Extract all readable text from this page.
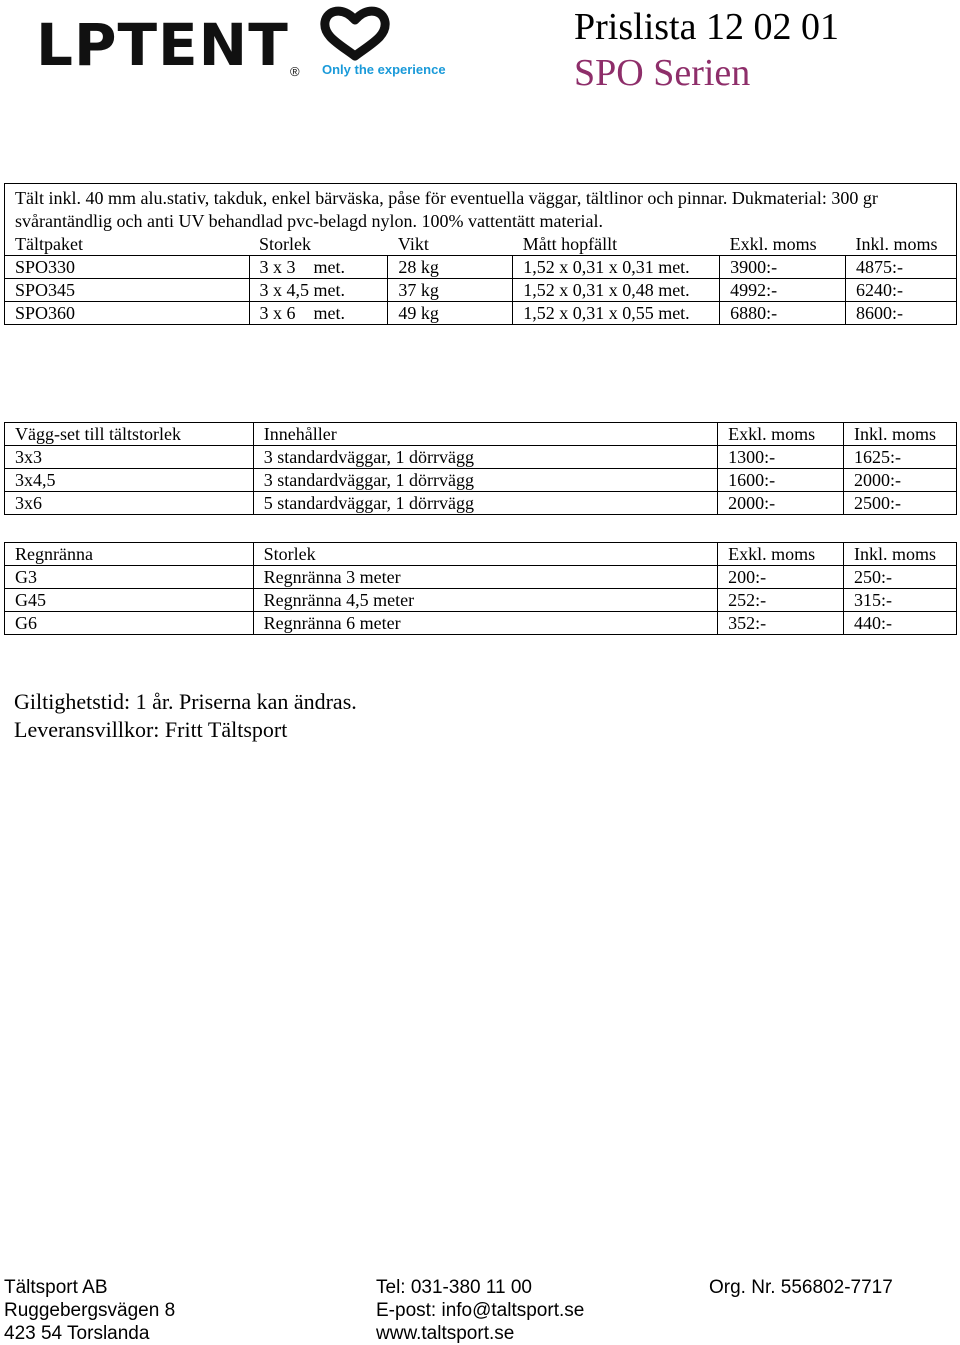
LPTENT ® Only the experience
Prislista 12 02 01
SPO Serien
Tält inkl. 40 mm alu.stativ, takduk, enkel bärväska, påse för eventuella väggar, tältlinor och pinnar. Dukmaterial: 300 gr svårantändlig och anti UV behandlad pvc-belagd nylon. 100% vattentätt material.					
Tältpaket	Storlek	Vikt	Mått hopfällt	Exkl. moms	Inkl. moms
SPO330	3 x 3    met.	28 kg	1,52 x 0,31 x 0,31 met.	3900:-	4875:-
SPO345	3 x 4,5 met.	37 kg	1,52 x 0,31 x 0,48 met.	4992:-	6240:-
SPO360	3 x 6    met.	49 kg	1,52 x 0,31 x 0,55 met.	6880:-	8600:-
Vägg-set till tältstorlek	Innehåller	Exkl. moms	Inkl. moms
3x3	3 standardväggar, 1 dörrvägg	1300:-	1625:-
3x4,5	3 standardväggar, 1 dörrvägg	1600:-	2000:-
3x6	5 standardväggar, 1 dörrvägg	2000:-	2500:-
Regnränna	Storlek	Exkl. moms	Inkl. moms
G3	Regnränna 3 meter	200:-	250:-
G45	Regnränna 4,5 meter	252:-	315:-
G6	Regnränna 6 meter	352:-	440:-
Giltighetstid: 1 år. Priserna kan ändras.
Leveransvillkor: Fritt Tältsport
Tältsport AB
Ruggebergsvägen 8
423 54 Torslanda
Tel: 031-380 11 00
E-post: info@taltsport.se
www.taltsport.se
Org. Nr. 556802-7717
